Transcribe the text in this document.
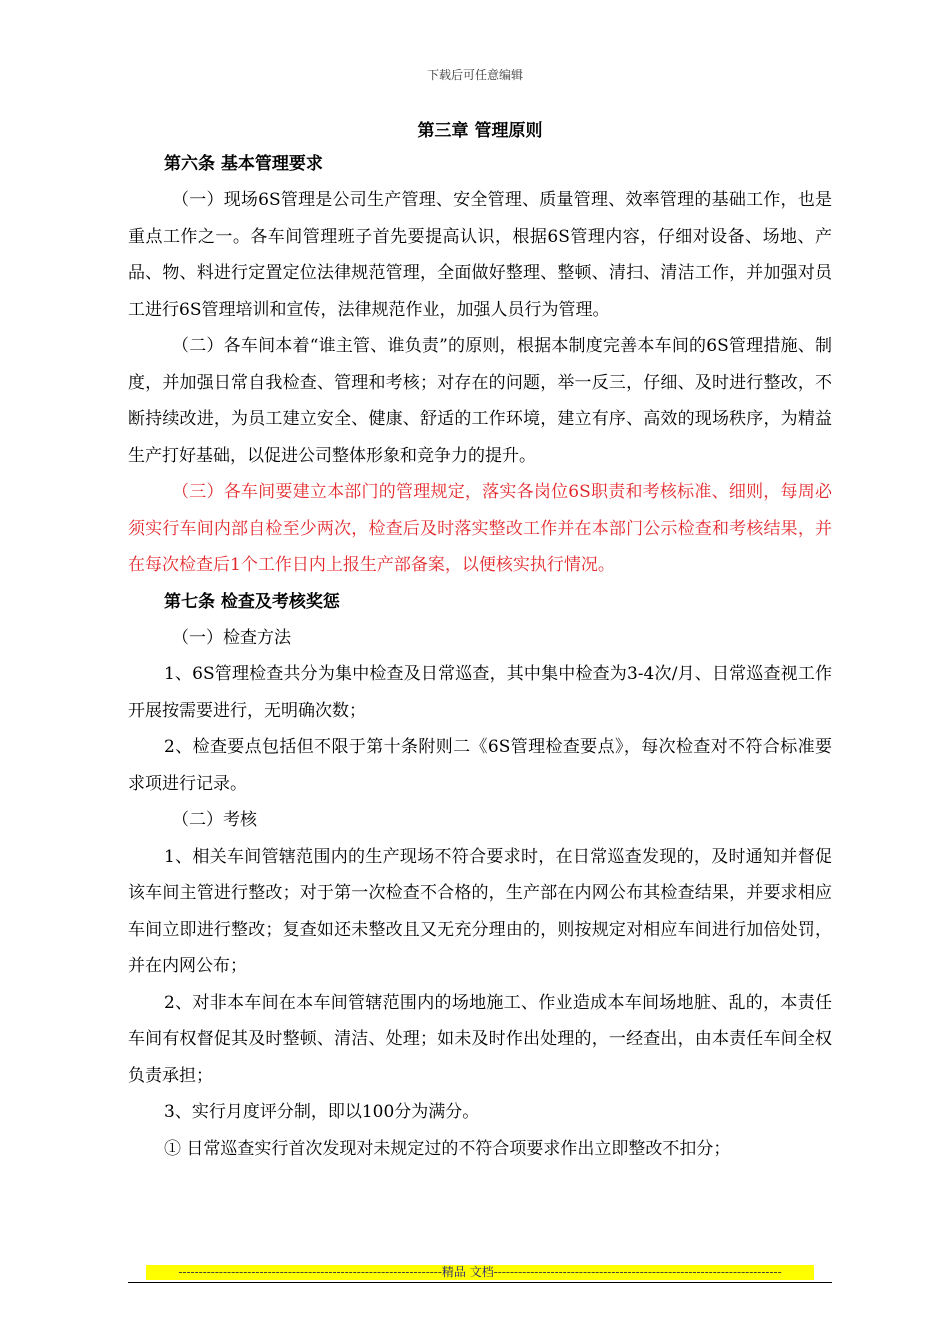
下载后可任意编辑

第三章 管理原则

第六条 基本管理要求

（一）现场6S管理是公司生产管理、安全管理、质量管理、效率管理的基础工作，也是重点工作之一。各车间管理班子首先要提高认识，根据6S管理内容，仔细对设备、场地、产品、物、料进行定置定位法律规范管理，全面做好整理、整顿、清扫、清洁工作，并加强对员工进行6S管理培训和宣传，法律规范作业，加强人员行为管理。

（二）各车间本着“谁主管、谁负责”的原则，根据本制度完善本车间的6S管理措施、制度，并加强日常自我检查、管理和考核；对存在的问题，举一反三，仔细、及时进行整改，不断持续改进，为员工建立安全、健康、舒适的工作环境，建立有序、高效的现场秩序，为精益生产打好基础，以促进公司整体形象和竞争力的提升。

（三）各车间要建立本部门的管理规定，落实各岗位6S职责和考核标准、细则，每周必须实行车间内部自检至少两次，检查后及时落实整改工作并在本部门公示检查和考核结果，并在每次检查后1个工作日内上报生产部备案，以便核实执行情况。

第七条 检查及考核奖惩

（一）检查方法

1、6S管理检查共分为集中检查及日常巡查，其中集中检查为3-4次/月、日常巡查视工作开展按需要进行，无明确次数；

2、检查要点包括但不限于第十条附则二《6S管理检查要点》，每次检查对不符合标准要求项进行记录。

（二）考核

1、相关车间管辖范围内的生产现场不符合要求时，在日常巡查发现的，及时通知并督促该车间主管进行整改；对于第一次检查不合格的，生产部在内网公布其检查结果，并要求相应车间立即进行整改；复查如还未整改且又无充分理由的，则按规定对相应车间进行加倍处罚，并在内网公布；

2、对非本车间在本车间管辖范围内的场地施工、作业造成本车间场地脏、乱的，本责任车间有权督促其及时整顿、清洁、处理；如未及时作出处理的，一经查出，由本责任车间全权负责承担；

3、实行月度评分制，即以100分为满分。

① 日常巡查实行首次发现对未规定过的不符合项要求作出立即整改不扣分；

-----------------------------------------------------------------精品 文档-----------------------------------------------------------------------
